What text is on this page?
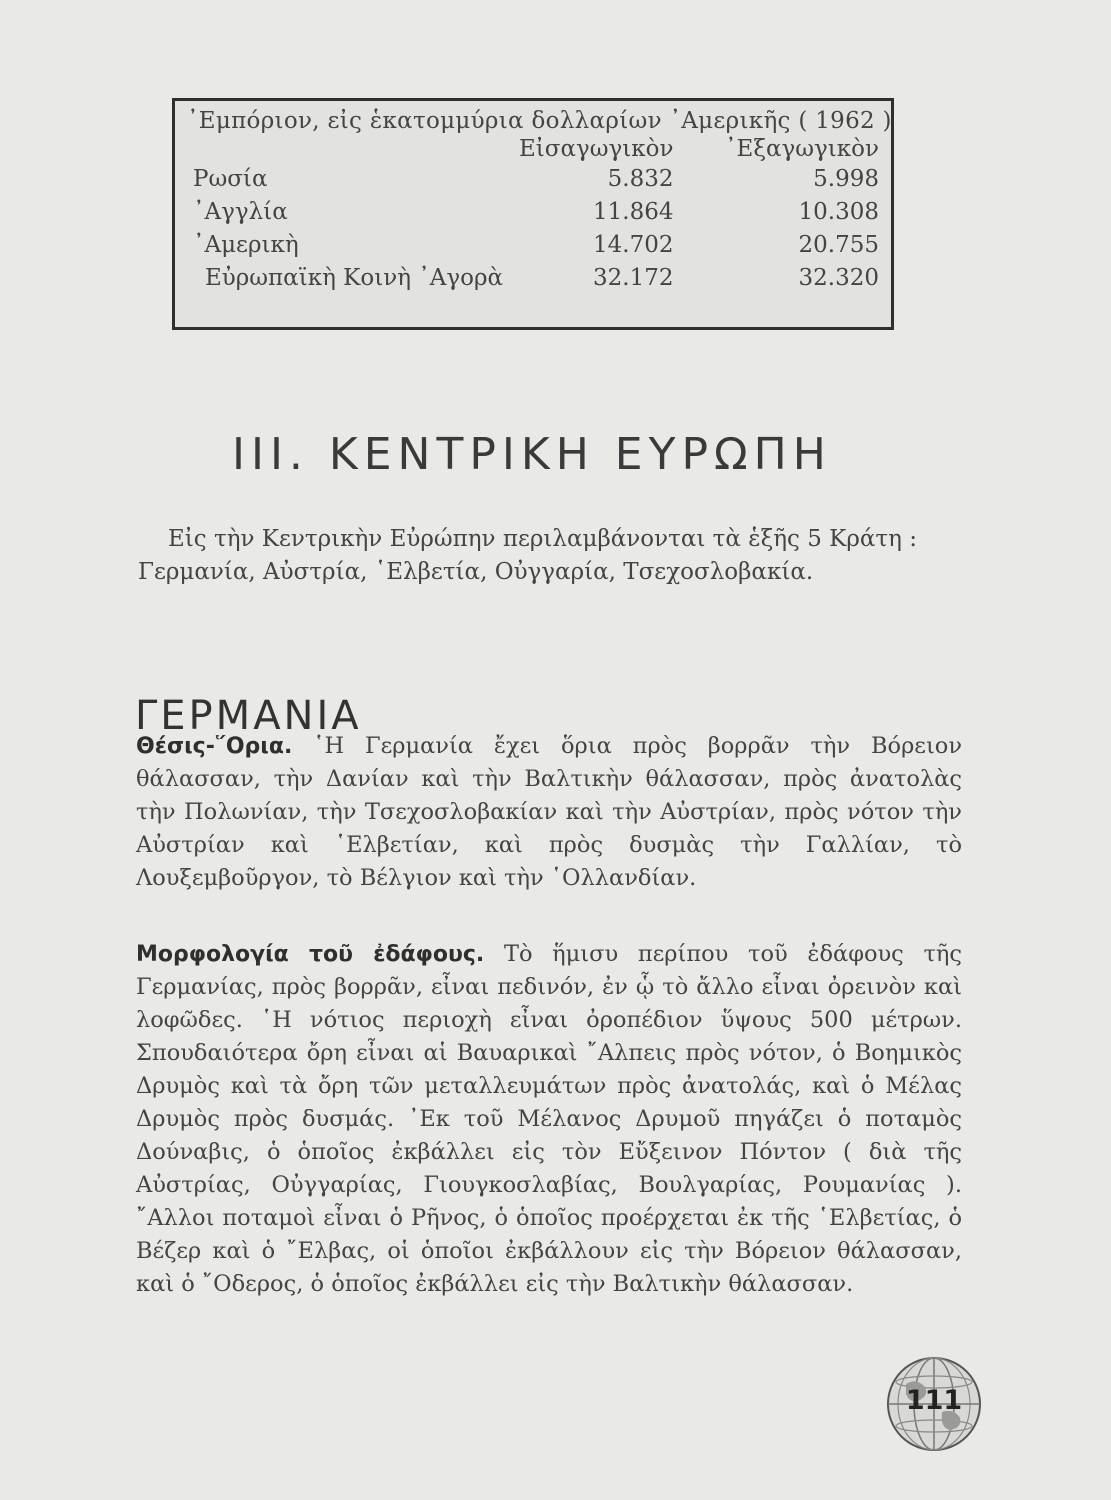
᾿Εμπόριον, εἰς ἑκατομμύρια δολλαρίων ᾿Αμερικῆς ( 1962 )
	Εἰσαγωγικὸν	᾿Εξαγωγικὸν
Ρωσία	5.832	5.998
᾿Αγγλία	11.864	10.308
᾿Αμερικὴ	14.702	20.755
Εὐρωπαϊκὴ Κοινὴ ᾿Αγορὰ	32.172	32.320
III. ΚΕΝΤΡΙΚΗ ΕΥΡΩΠΗ

Εἰς τὴν Κεντρικὴν Εὐρώπην περιλαμβάνονται τὰ ἑξῆς 5 Κράτη : Γερμανία, Αὐστρία, ῾Ελβετία, Οὐγγαρία, Τσεχοσλοβακία.

ΓΕΡΜΑΝΙΑ

Θέσις-῞Ορια. ῾Η Γερμανία ἔχει ὅρια πρὸς βορρᾶν τὴν Βόρειον θάλασσαν, τὴν Δανίαν καὶ τὴν Βαλτικὴν θάλασσαν, πρὸς ἀνατολὰς τὴν Πολωνίαν, τὴν Τσεχοσλοβακίαν καὶ τὴν Αὐστρίαν, πρὸς νότον τὴν Αὐστρίαν καὶ ῾Ελβετίαν, καὶ πρὸς δυσμὰς τὴν Γαλλίαν, τὸ Λουξεμβοῦργον, τὸ Βέλγιον καὶ τὴν ῾Ολλανδίαν.

Μορφολογία τοῦ ἐδάφους. Τὸ ἥμισυ περίπου τοῦ ἐδάφους τῆς Γερμανίας, πρὸς βορρᾶν, εἶναι πεδινόν, ἐν ᾧ τὸ ἄλλο εἶναι ὀρεινὸν καὶ λοφῶδες. ῾Η νότιος περιοχὴ εἶναι ὀροπέδιον ὕψους 500 μέτρων. Σπουδαιότερα ὄρη εἶναι αἱ Βαυαρικαὶ ῎Αλπεις πρὸς νότον, ὁ Βοημικὸς Δρυμὸς καὶ τὰ ὄρη τῶν μεταλλευμάτων πρὸς ἀνατολάς, καὶ ὁ Μέλας Δρυμὸς πρὸς δυσμάς. ᾿Εκ τοῦ Μέλανος Δρυμοῦ πηγάζει ὁ ποταμὸς Δούναβις, ὁ ὁποῖος ἐκβάλλει εἰς τὸν Εὔξεινον Πόντον ( διὰ τῆς Αὐστρίας, Οὐγγαρίας, Γιουγκοσλαβίας, Βουλγαρίας, Ρουμανίας ). ῎Αλλοι ποταμοὶ εἶναι ὁ Ρῆνος, ὁ ὁποῖος προέρχεται ἐκ τῆς ῾Ελβετίας, ὁ Βέζερ καὶ ὁ ῎Ελβας, οἱ ὁποῖοι ἐκβάλλουν εἰς τὴν Βόρειον θάλασσαν, καὶ ὁ ῎Οδερος, ὁ ὁποῖος ἐκβάλλει εἰς τὴν Βαλτικὴν θάλασσαν.

111
